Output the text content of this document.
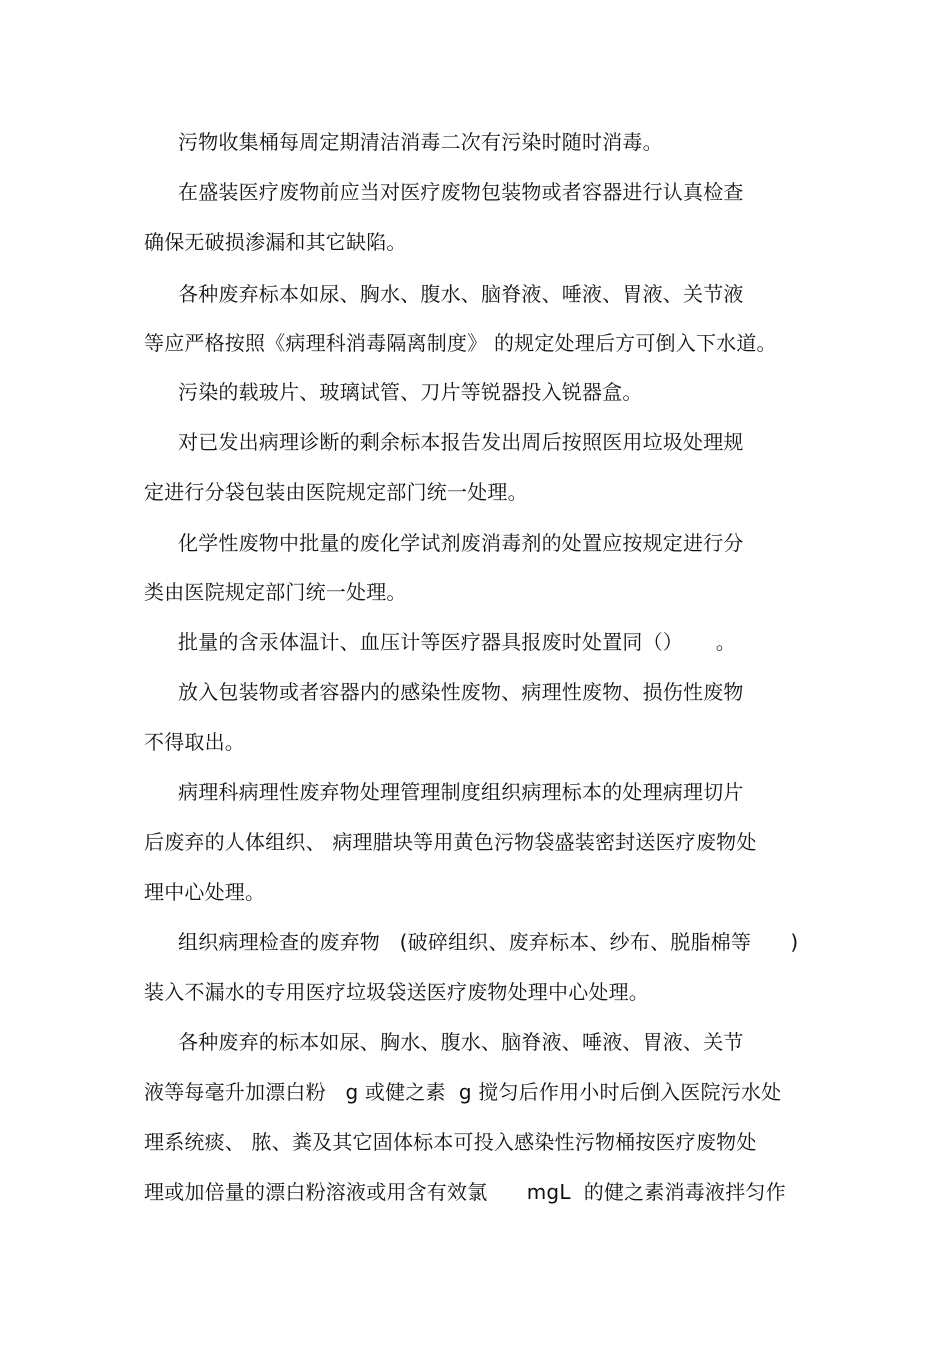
污物收集桶每周定期清洁消毒二次有污染时随时消毒。
在盛装医疗废物前应当对医疗废物包装物或者容器进行认真检查
确保无破损渗漏和其它缺陷。
各种废弃标本如尿、胸水、腹水、脑脊液、唾液、胃液、关节液
等应严格按照《病理科消毒隔离制度》 的规定处理后方可倒入下水道。
污染的载玻片、玻璃试管、刀片等锐器投入锐器盒。
对已发出病理诊断的剩余标本报告发出周后按照医用垃圾处理规
定进行分袋包装由医院规定部门统一处理。
化学性废物中批量的废化学试剂废消毒剂的处置应按规定进行分
类由医院规定部门统一处理。
批量的含汞体温计、血压计等医疗器具报废时处置同（）     。
放入包装物或者容器内的感染性废物、病理性废物、损伤性废物
不得取出。
病理科病理性废弃物处理管理制度组织病理标本的处理病理切片
后废弃的人体组织、 病理腊块等用黄色污物袋盛装密封送医疗废物处
理中心处理。
组织病理检查的废弃物   (破碎组织、废弃标本、纱布、脱脂棉等      )
装入不漏水的专用医疗垃圾袋送医疗废物处理中心处理。
各种废弃的标本如尿、胸水、腹水、脑脊液、唾液、胃液、关节
液等每毫升加漂白粉   g 或健之素  g 搅匀后作用小时后倒入医院污水处
理系统痰、 脓、粪及其它固体标本可投入感染性污物桶按医疗废物处
理或加倍量的漂白粉溶液或用含有效氯      mgL  的健之素消毒液拌匀作
